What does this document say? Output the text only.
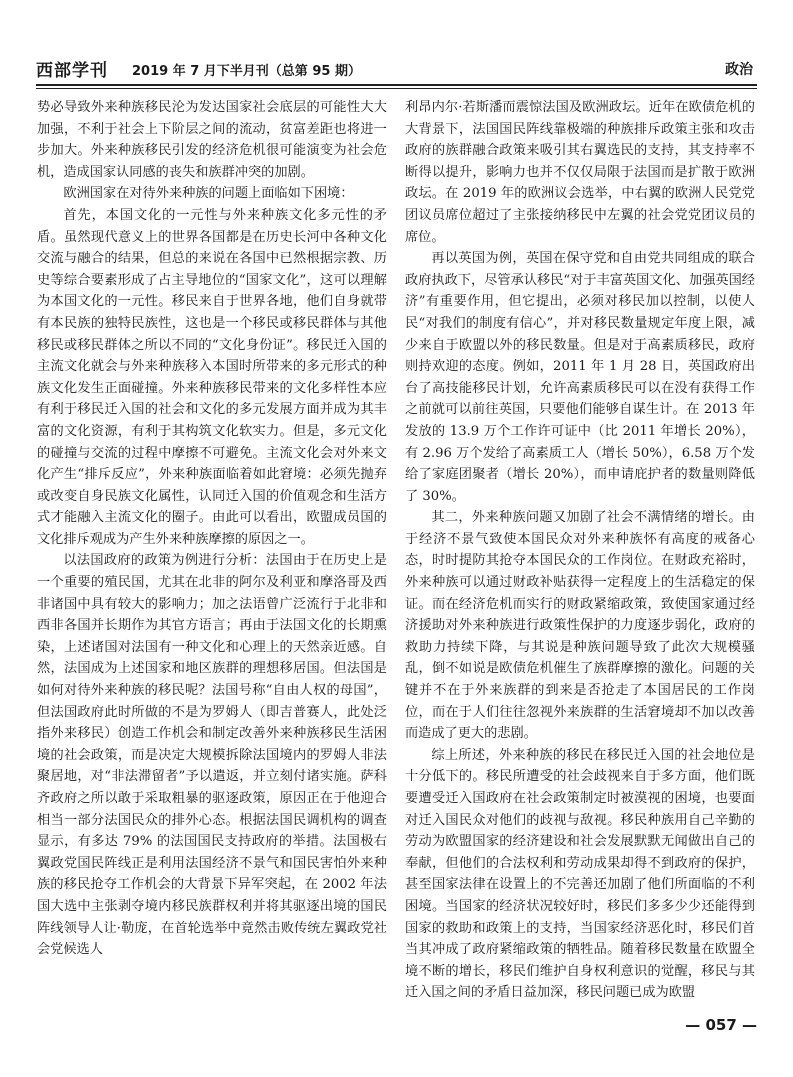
西部学刊 2019 年 7 月下半月刊（总第 95 期）	政治

势必导致外来种族移民沦为发达国家社会底层的可能性大大加强，不利于社会上下阶层之间的流动，贫富差距也将进一步加大。外来种族移民引发的经济危机很可能演变为社会危机，造成国家认同感的丧失和族群冲突的加剧。

欧洲国家在对待外来种族的问题上面临如下困境：

首先，本国文化的一元性与外来种族文化多元性的矛盾。虽然现代意义上的世界各国都是在历史长河中各种文化交流与融合的结果，但总的来说在各国中已然根据宗教、历史等综合要素形成了占主导地位的“国家文化”，这可以理解为本国文化的一元性。移民来自于世界各地，他们自身就带有本民族的独特民族性，这也是一个移民或移民群体与其他移民或移民群体之所以不同的“文化身份证”。移民迁入国的主流文化就会与外来种族移入本国时所带来的多元形式的种族文化发生正面碰撞。外来种族移民带来的文化多样性本应有利于移民迁入国的社会和文化的多元发展方面并成为其丰富的文化资源，有利于其构筑文化软实力。但是，多元文化的碰撞与交流的过程中摩擦不可避免。主流文化会对外来文化产生“排斥反应”，外来种族面临着如此窘境：必须先抛弃或改变自身民族文化属性，认同迁入国的价值观念和生活方式才能融入主流文化的圈子。由此可以看出，欧盟成员国的文化排斥观成为产生外来种族摩擦的原因之一。

以法国政府的政策为例进行分析：法国由于在历史上是一个重要的殖民国，尤其在北非的阿尔及利亚和摩洛哥及西非诸国中具有较大的影响力；加之法语曾广泛流行于北非和西非各国并长期作为其官方语言；再由于法国文化的长期熏染，上述诸国对法国有一种文化和心理上的天然亲近感。自然，法国成为上述国家和地区族群的理想移居国。但法国是如何对待外来种族的移民呢？法国号称“自由人权的母国”，但法国政府此时所做的不是为罗姆人（即吉普赛人，此处泛指外来移民）创造工作机会和制定改善外来种族移民生活困境的社会政策，而是决定大规模拆除法国境内的罗姆人非法聚居地，对“非法滞留者”予以遣返，并立刻付诸实施。萨科齐政府之所以敢于采取粗暴的驱逐政策，原因正在于他迎合相当一部分法国民众的排外心态。根据法国民调机构的调查显示，有多达 79% 的法国国民支持政府的举措。法国极右翼政党国民阵线正是利用法国经济不景气和国民害怕外来种族的移民抢夺工作机会的大背景下异军突起，在 2002 年法国大选中主张剥夺境内移民族群权利并将其驱逐出境的国民阵线领导人让·勒庞，在首轮选举中竟然击败传统左翼政党社会党候选人

利昂内尔·若斯潘而震惊法国及欧洲政坛。近年在欧债危机的大背景下，法国国民阵线靠极端的种族排斥政策主张和攻击政府的族群融合政策来吸引其右翼选民的支持，其支持率不断得以提升，影响力也并不仅仅局限于法国而是扩散于欧洲政坛。在 2019 年的欧洲议会选举，中右翼的欧洲人民党党团议员席位超过了主张接纳移民中左翼的社会党党团议员的席位。

再以英国为例，英国在保守党和自由党共同组成的联合政府执政下，尽管承认移民“对于丰富英国文化、加强英国经济”有重要作用，但它提出，必须对移民加以控制，以使人民“对我们的制度有信心”，并对移民数量规定年度上限，减少来自于欧盟以外的移民数量。但是对于高素质移民，政府则持欢迎的态度。例如，2011 年 1 月 28 日，英国政府出台了高技能移民计划，允许高素质移民可以在没有获得工作之前就可以前往英国，只要他们能够自谋生计。在 2013 年发放的 13.9 万个工作许可证中（比 2011 年增长 20%），有 2.96 万个发给了高素质工人（增长 50%），6.58 万个发给了家庭团聚者（增长 20%），而申请庇护者的数量则降低了 30%。

其二，外来种族问题又加剧了社会不满情绪的增长。由于经济不景气致使本国民众对外来种族怀有高度的戒备心态，时时提防其抢夺本国民众的工作岗位。在财政充裕时，外来种族可以通过财政补贴获得一定程度上的生活稳定的保证。而在经济危机而实行的财政紧缩政策，致使国家通过经济援助对外来种族进行政策性保护的力度逐步弱化，政府的救助力持续下降，与其说是种族问题导致了此次大规模骚乱，倒不如说是欧债危机催生了族群摩擦的激化。问题的关键并不在于外来族群的到来是否抢走了本国居民的工作岗位，而在于人们往往忽视外来族群的生活窘境却不加以改善而造成了更大的悲剧。

综上所述，外来种族的移民在移民迁入国的社会地位是十分低下的。移民所遭受的社会歧视来自于多方面，他们既要遭受迁入国政府在社会政策制定时被漠视的困境，也要面对迁入国民众对他们的歧视与敌视。移民种族用自己辛勤的劳动为欧盟国家的经济建设和社会发展默默无闻做出自己的奉献，但他们的合法权利和劳动成果却得不到政府的保护，甚至国家法律在设置上的不完善还加剧了他们所面临的不利困境。当国家的经济状况较好时，移民们多多少少还能得到国家的救助和政策上的支持，当国家经济恶化时，移民们首当其冲成了政府紧缩政策的牺牲品。随着移民数量在欧盟全境不断的增长，移民们维护自身权利意识的觉醒，移民与其迁入国之间的矛盾日益加深，移民问题已成为欧盟

— 057 —
